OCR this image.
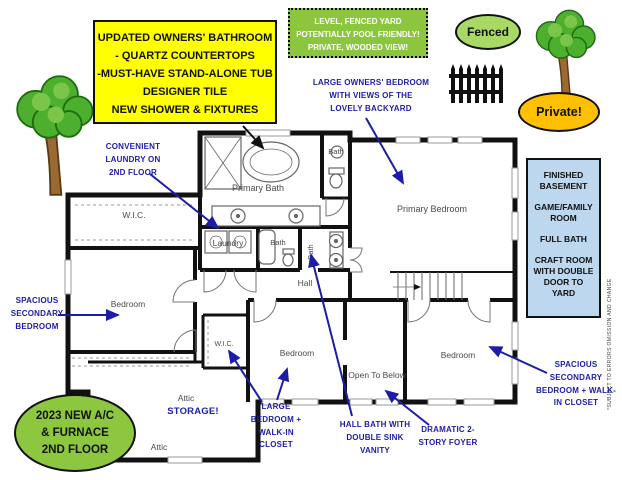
Primary Bath
Bath
Primary Bedroom
W.I.C.
Laundry	Bath
Bath
Hall
Bedroom
Bedroom
W.I.C.
Open To Below
Bedroom
Attic
Attic
UPDATED OWNERS' BATHROOM
- QUARTZ COUNTERTOPS
-MUST-HAVE STAND-ALONE TUB
DESIGNER TILE
NEW SHOWER & FIXTURES
LEVEL, FENCED YARD
POTENTIALLY POOL FRIENDLY!
PRIVATE, WOODED VIEW!
Fenced
Private!
FINISHED BASEMENT
GAME/FAMILY ROOM
FULL BATH
CRAFT ROOM WITH DOUBLE DOOR TO YARD
2023 NEW A/C
& FURNACE
2ND FLOOR
CONVENIENT LAUNDRY ON 2ND FLOOR
LARGE OWNERS' BEDROOM WITH VIEWS OF THE LOVELY BACKYARD
SPACIOUS SECONDARY BEDROOM
STORAGE!	LARGE BEDROOM + WALK-IN CLOSET
HALL BATH WITH DOUBLE SINK VANITY
DRAMATIC 2-STORY FOYER
SPACIOUS SECONDARY BEDROOM + WALK-IN CLOSET	*SUBJECT TO ERRORS OMISSION AND CHANGE
